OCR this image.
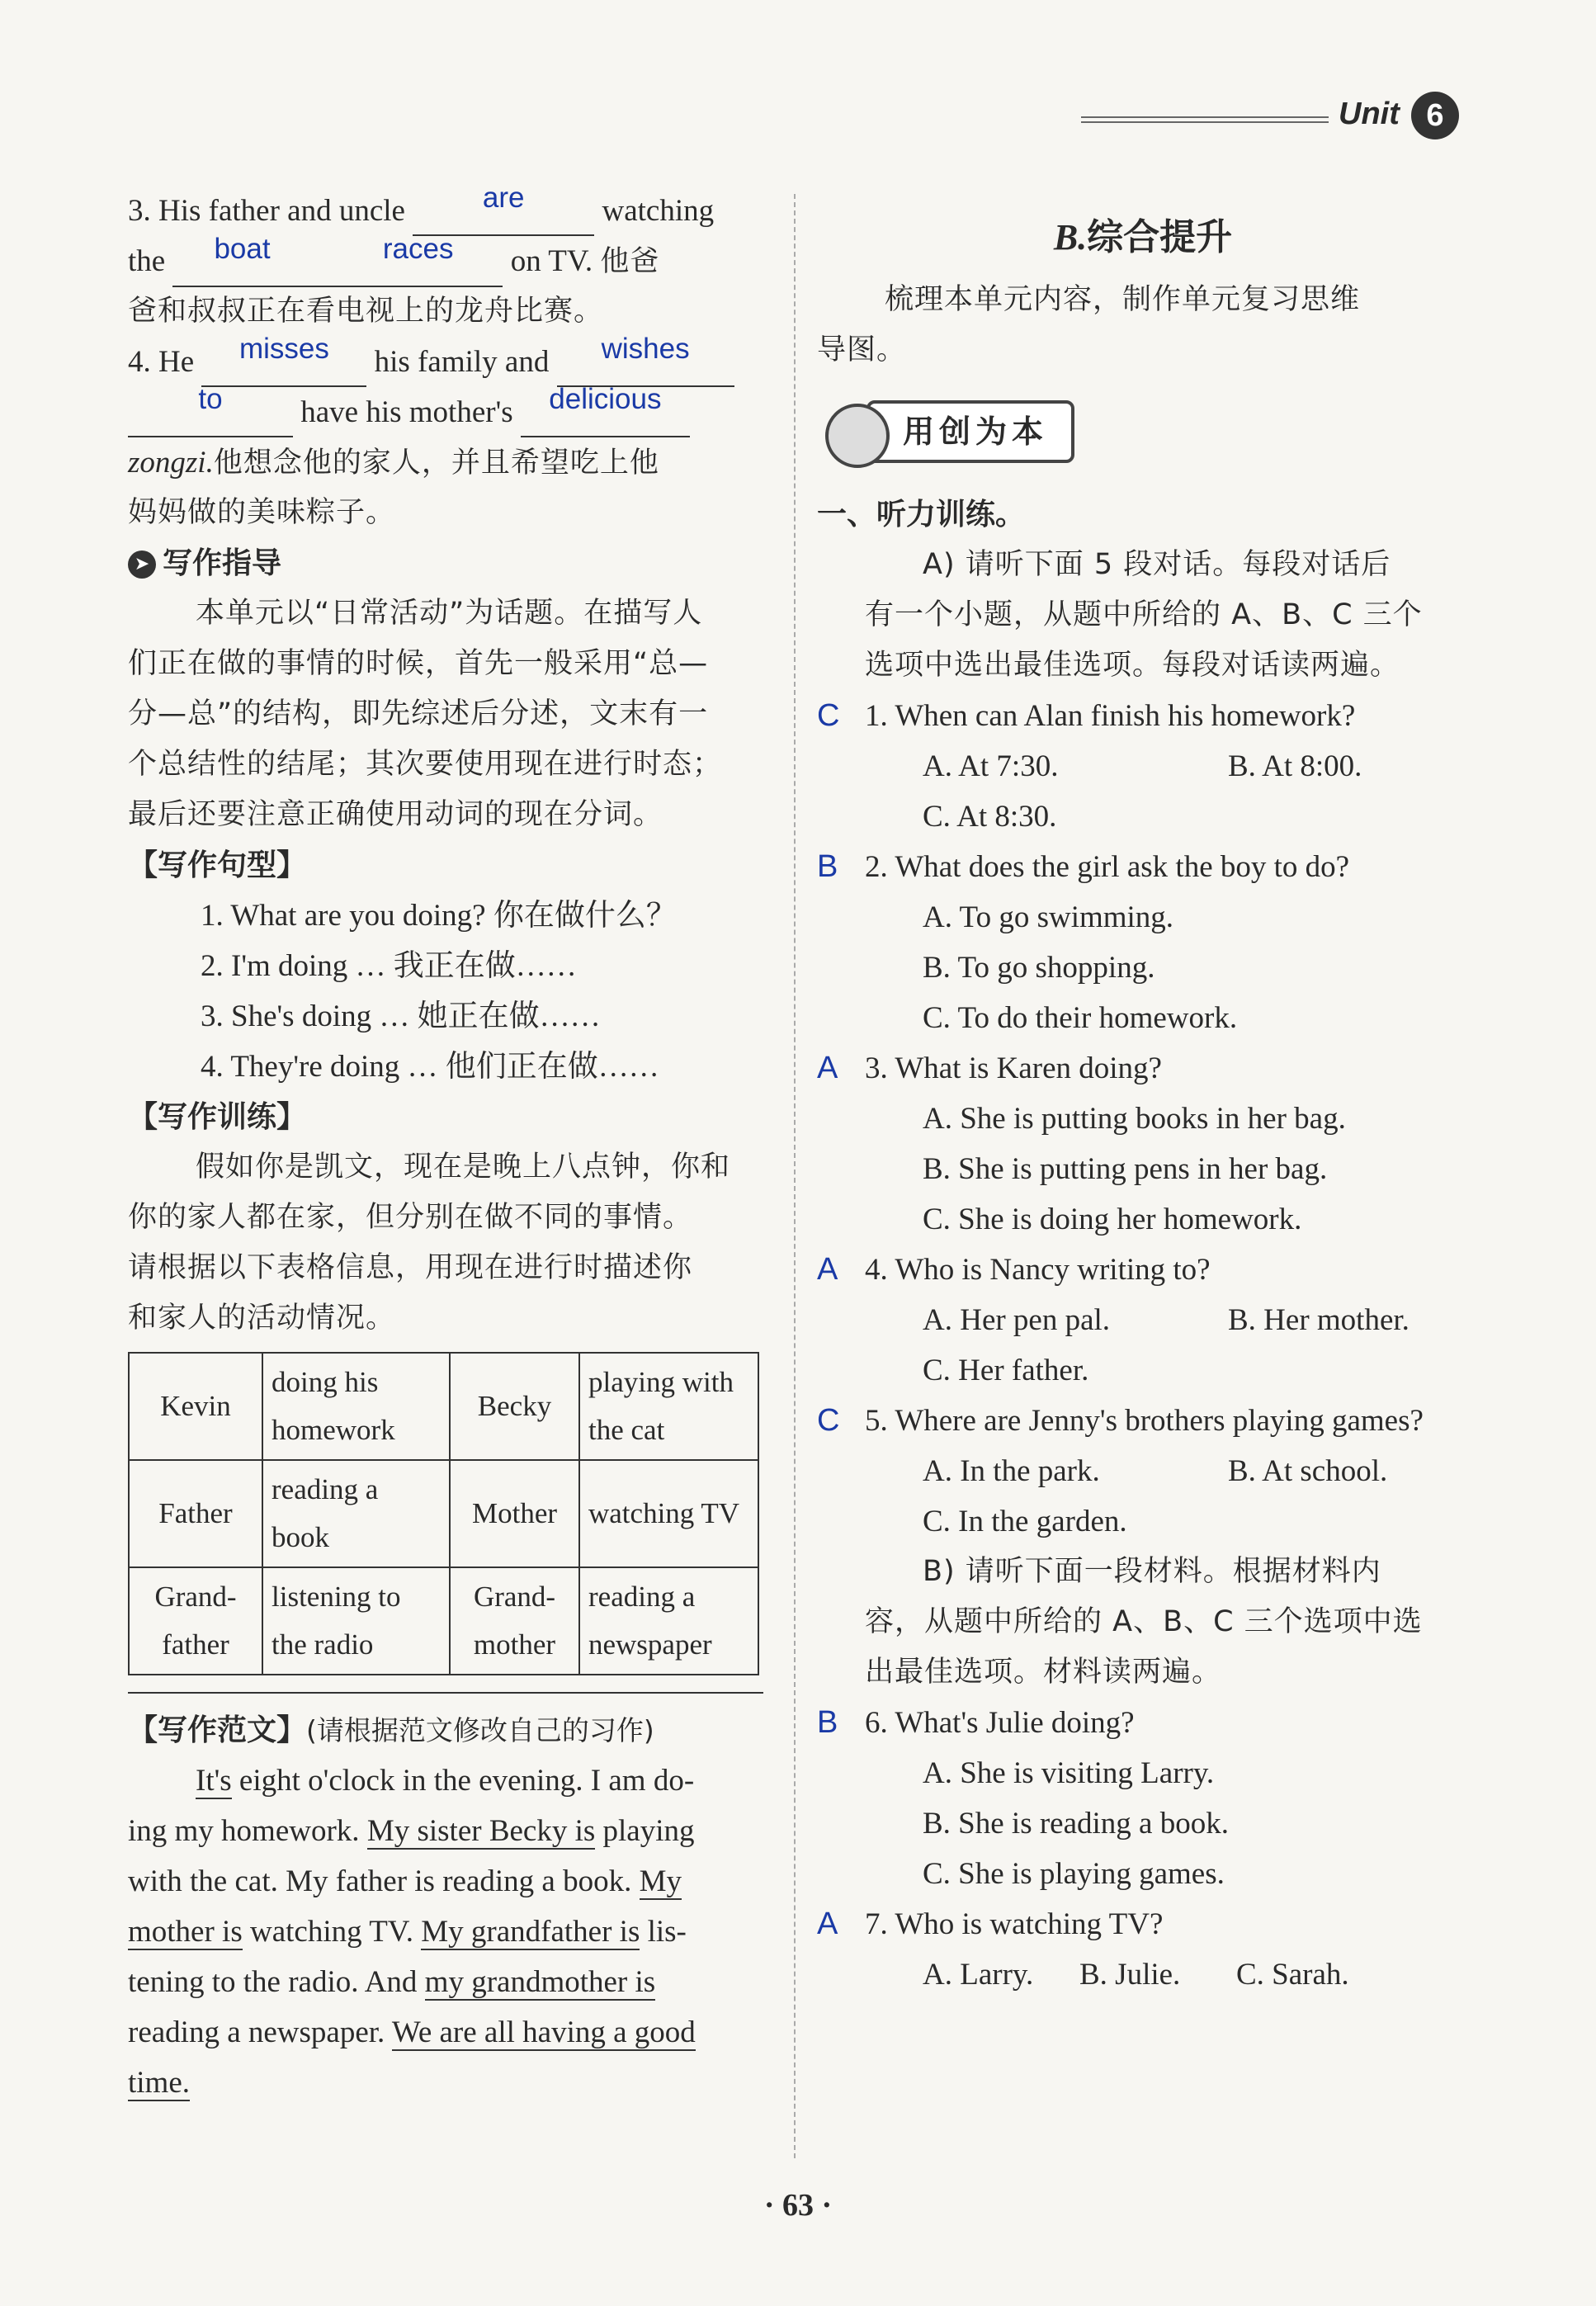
Unit 6
3. His father and uncle	are	watching
the boat	races on TV. 他爸
爸和叔叔正在看电视上的龙舟比赛。
4. He	misses	his family and	wishes
to	have his mother's	delicious
zongzi.他想念他的家人，并且希望吃上他
妈妈做的美味粽子。
➤ 写作指导
本单元以“日常活动”为话题。在描写人
们正在做的事情的时候，首先一般采用“总—
分—总”的结构，即先综述后分述，文末有一
个总结性的结尾；其次要使用现在进行时态；
最后还要注意正确使用动词的现在分词。
【写作句型】
1. What are you doing? 你在做什么？
2. I'm doing … 我正在做……
3. She's doing … 她正在做……
4. They're doing … 他们正在做……
【写作训练】
假如你是凯文，现在是晚上八点钟，你和
你的家人都在家，但分别在做不同的事情。
请根据以下表格信息，用现在进行时描述你
和家人的活动情况。
Kevin	doing his homework	Becky	playing with the cat
Father	reading a book	Mother	watching TV
Grand-father	listening to the radio	Grand-mother	reading a newspaper
【写作范文】(请根据范文修改自己的习作)
It's eight o'clock in the evening. I am do-
ing my homework. My sister Becky is playing
with the cat. My father is reading a book. My
mother is watching TV. My grandfather is lis-
tening to the radio. And my grandmother is
reading a newspaper. We are all having a good
time.
B.综合提升
梳理本单元内容，制作单元复习思维
导图。
用创为本
一、听力训练。
A) 请听下面 5 段对话。每段对话后
有一个小题，从题中所给的 A、B、C 三个
选项中选出最佳选项。每段对话读两遍。
C 1. When can Alan finish his homework?
A. At 7:30.	B. At 8:00.
C. At 8:30.
B 2. What does the girl ask the boy to do?
A. To go swimming.
B. To go shopping.
C. To do their homework.
A 3. What is Karen doing?
A. She is putting books in her bag.
B. She is putting pens in her bag.
C. She is doing her homework.
A 4. Who is Nancy writing to?
A. Her pen pal.	B. Her mother.
C. Her father.
C 5. Where are Jenny's brothers playing games?
A. In the park.	B. At school.
C. In the garden.
B) 请听下面一段材料。根据材料内
容，从题中所给的 A、B、C 三个选项中选
出最佳选项。材料读两遍。
B 6. What's Julie doing?
A. She is visiting Larry.
B. She is reading a book.
C. She is playing games.
A 7. Who is watching TV?
A. Larry. B. Julie. C. Sarah.
· 63 ·
